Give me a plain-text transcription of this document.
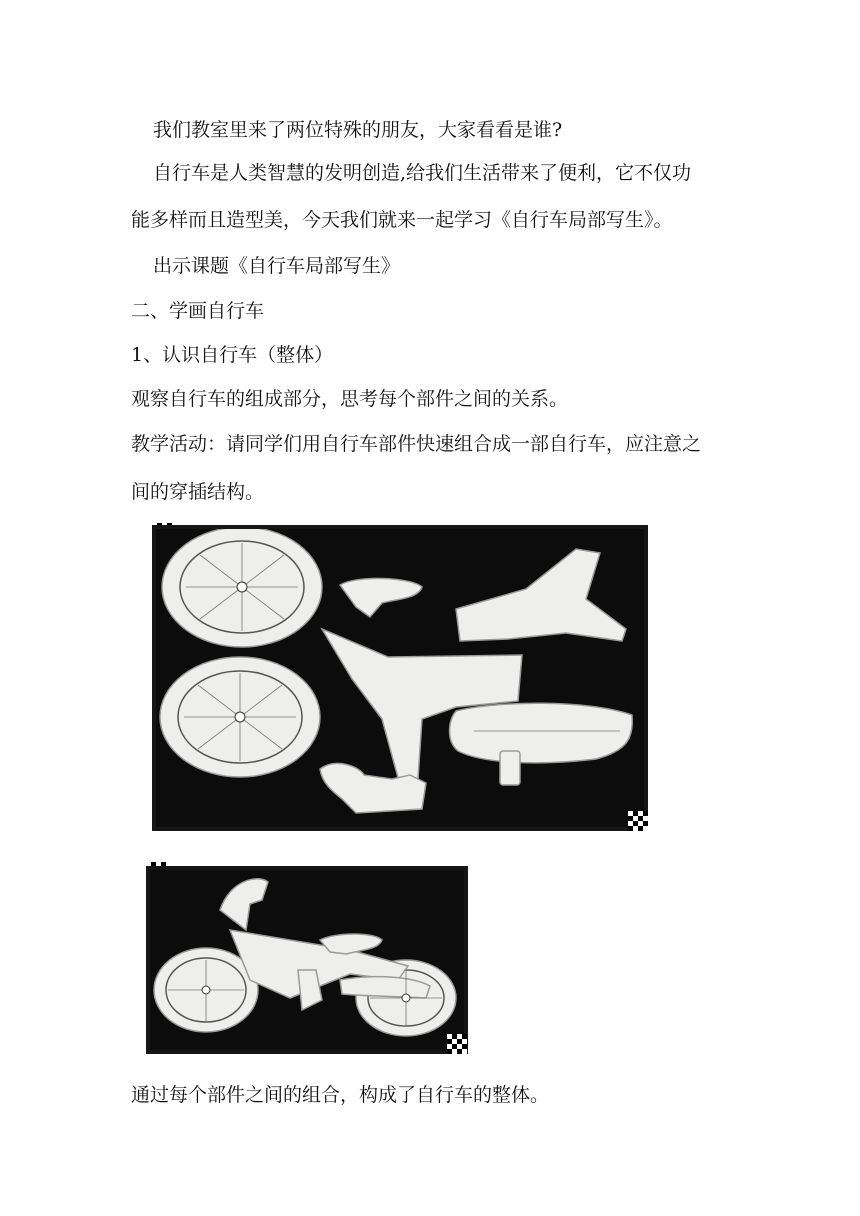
我们教室里来了两位特殊的朋友，大家看看是谁?
自行车是人类智慧的发明创造,给我们生活带来了便利，它不仅功
能多样而且造型美，今天我们就来一起学习《自行车局部写生》。
出示课题《自行车局部写生》
二、学画自行车
1、认识自行车（整体）
观察自行车的组成部分，思考每个部件之间的关系。
教学活动：请同学们用自行车部件快速组合成一部自行车，应注意之
间的穿插结构。
通过每个部件之间的组合，构成了自行车的整体。
